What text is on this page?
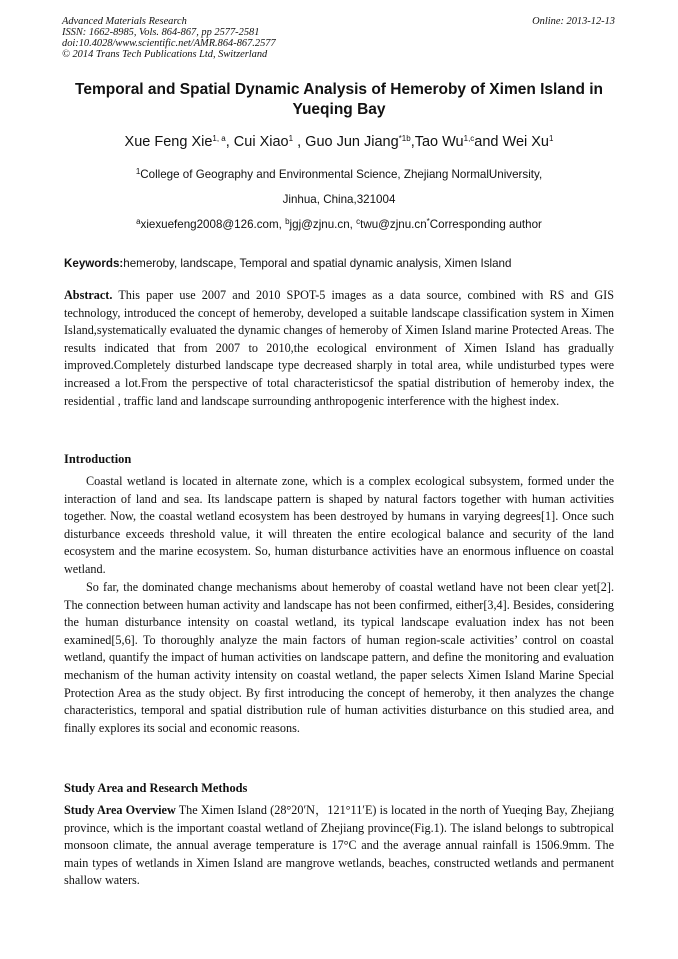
Advanced Materials Research
ISSN: 1662-8985, Vols. 864-867, pp 2577-2581
doi:10.4028/www.scientific.net/AMR.864-867.2577
© 2014 Trans Tech Publications Ltd, Switzerland
Online: 2013-12-13
Temporal and Spatial Dynamic Analysis of Hemeroby of Ximen Island in Yueqing Bay
Xue Feng Xie$^{1, a}$, Cui Xiao$^1$ , Guo Jun Jiang$^{*1b}$,Tao Wu$^{1,c}$and Wei Xu$^1$
$^1$College of Geography and Environmental Science, Zhejiang NormalUniversity,
Jinhua, China,321004
$^a$xiexuefeng2008@126.com, $^b$jgj@zjnu.cn, $^c$twu@zjnu.cn*Corresponding author
Keywords:hemeroby, landscape, Temporal and spatial dynamic analysis, Ximen Island
Abstract. This paper use 2007 and 2010 SPOT-5 images as a data source, combined with RS and GIS technology, introduced the concept of hemeroby, developed a suitable landscape classification system in Ximen Island,systematically evaluated the dynamic changes of hemeroby of Ximen Island marine Protected Areas. The results indicated that from 2007 to 2010,the ecological environment of Ximen Island has gradually improved.Completely disturbed landscape type decreased sharply in total area, while undisturbed types were increased a lot.From the perspective of total characteristicsof the spatial distribution of hemeroby index, the residential , traffic land and landscape surrounding anthropogenic interference with the highest index.
Introduction
Coastal wetland is located in alternate zone, which is a complex ecological subsystem, formed under the interaction of land and sea. Its landscape pattern is shaped by natural factors together with human activities together. Now, the coastal wetland ecosystem has been destroyed by humans in varying degrees[1]. Once such disturbance exceeds threshold value, it will threaten the entire ecological balance and security of the land ecosystem and the marine ecosystem. So, human disturbance activities have an enormous influence on coastal wetland.
So far, the dominated change mechanisms about hemeroby of coastal wetland have not been clear yet[2]. The connection between human activity and landscape has not been confirmed, either[3,4]. Besides, considering the human disturbance intensity on coastal wetland, its typical landscape evaluation index has not been examined[5,6]. To thoroughly analyze the main factors of human region-scale activities’ control on coastal wetland, quantify the impact of human activities on landscape pattern, and define the monitoring and evaluation mechanism of the human activity intensity on coastal wetland, the paper selects Ximen Island Marine Special Protection Area as the study object. By first introducing the concept of hemeroby, it then analyzes the change characteristics, temporal and spatial distribution rule of human activities disturbance on this studied area, and finally explores its social and economic reasons.
Study Area and Research Methods
Study Area Overview The Ximen Island (28°20′N，121°11′E) is located in the north of Yueqing Bay, Zhejiang province, which is the important coastal wetland of Zhejiang province(Fig.1). The island belongs to subtropical monsoon climate, the annual average temperature is 17°C and the average annual rainfall is 1506.9mm. The main types of wetlands in Ximen Island are mangrove wetlands, beaches, constructed wetlands and permanent shallow waters.
